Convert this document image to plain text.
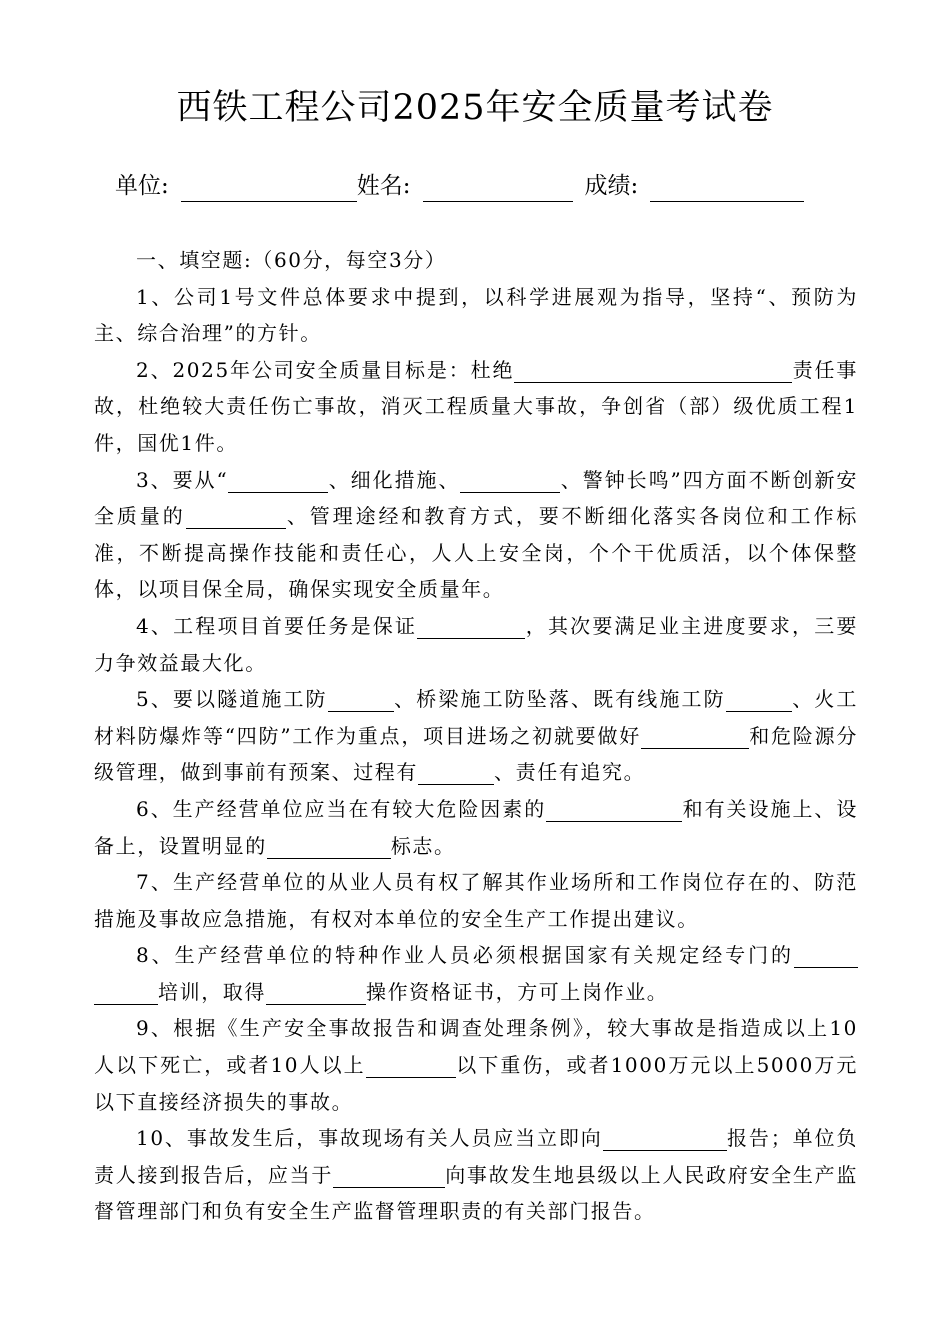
西铁工程公司2025年安全质量考试卷
单位:	姓名:	成绩:

一、填空题:（60分，每空3分）

1、公司1号文件总体要求中提到，以科学进展观为指导，坚持“、预防为主、综合治理”的方针。

2、2025年公司安全质量目标是：杜绝	责任事故，杜绝较大责任伤亡事故，消灭工程质量大事故，争创省（部）级优质工程1件，国优1件。

3、要从“	、细化措施、	、警钟长鸣”四方面不断创新安全质量的	、管理途经和教育方式，要不断细化落实各岗位和工作标准，不断提高操作技能和责任心，人人上安全岗，个个干优质活，以个体保整体，以项目保全局，确保实现安全质量年。

4、工程项目首要任务是保证	，其次要满足业主进度要求，三要力争效益最大化。

5、要以隧道施工防	、桥梁施工防坠落、既有线施工防	、火工材料防爆炸等“四防”工作为重点，项目进场之初就要做好	和危险源分级管理，做到事前有预案、过程有	、责任有追究。

6、生产经营单位应当在有较大危险因素的	和有关设施上、设备上，设置明显的	标志。

7、生产经营单位的从业人员有权了解其作业场所和工作岗位存在的、防范措施及事故应急措施，有权对本单位的安全生产工作提出建议。

8、生产经营单位的特种作业人员必须根据国家有关规定经专门的培训，取得	操作资格证书，方可上岗作业。

9、根据《生产安全事故报告和调查处理条例》，较大事故是指造成以上10人以下死亡，或者10人以上	以下重伤，或者1000万元以上5000万元以下直接经济损失的事故。

10、事故发生后，事故现场有关人员应当立即向	报告；单位负责人接到报告后，应当于	向事故发生地县级以上人民政府安全生产监督管理部门和负有安全生产监督管理职责的有关部门报告。
